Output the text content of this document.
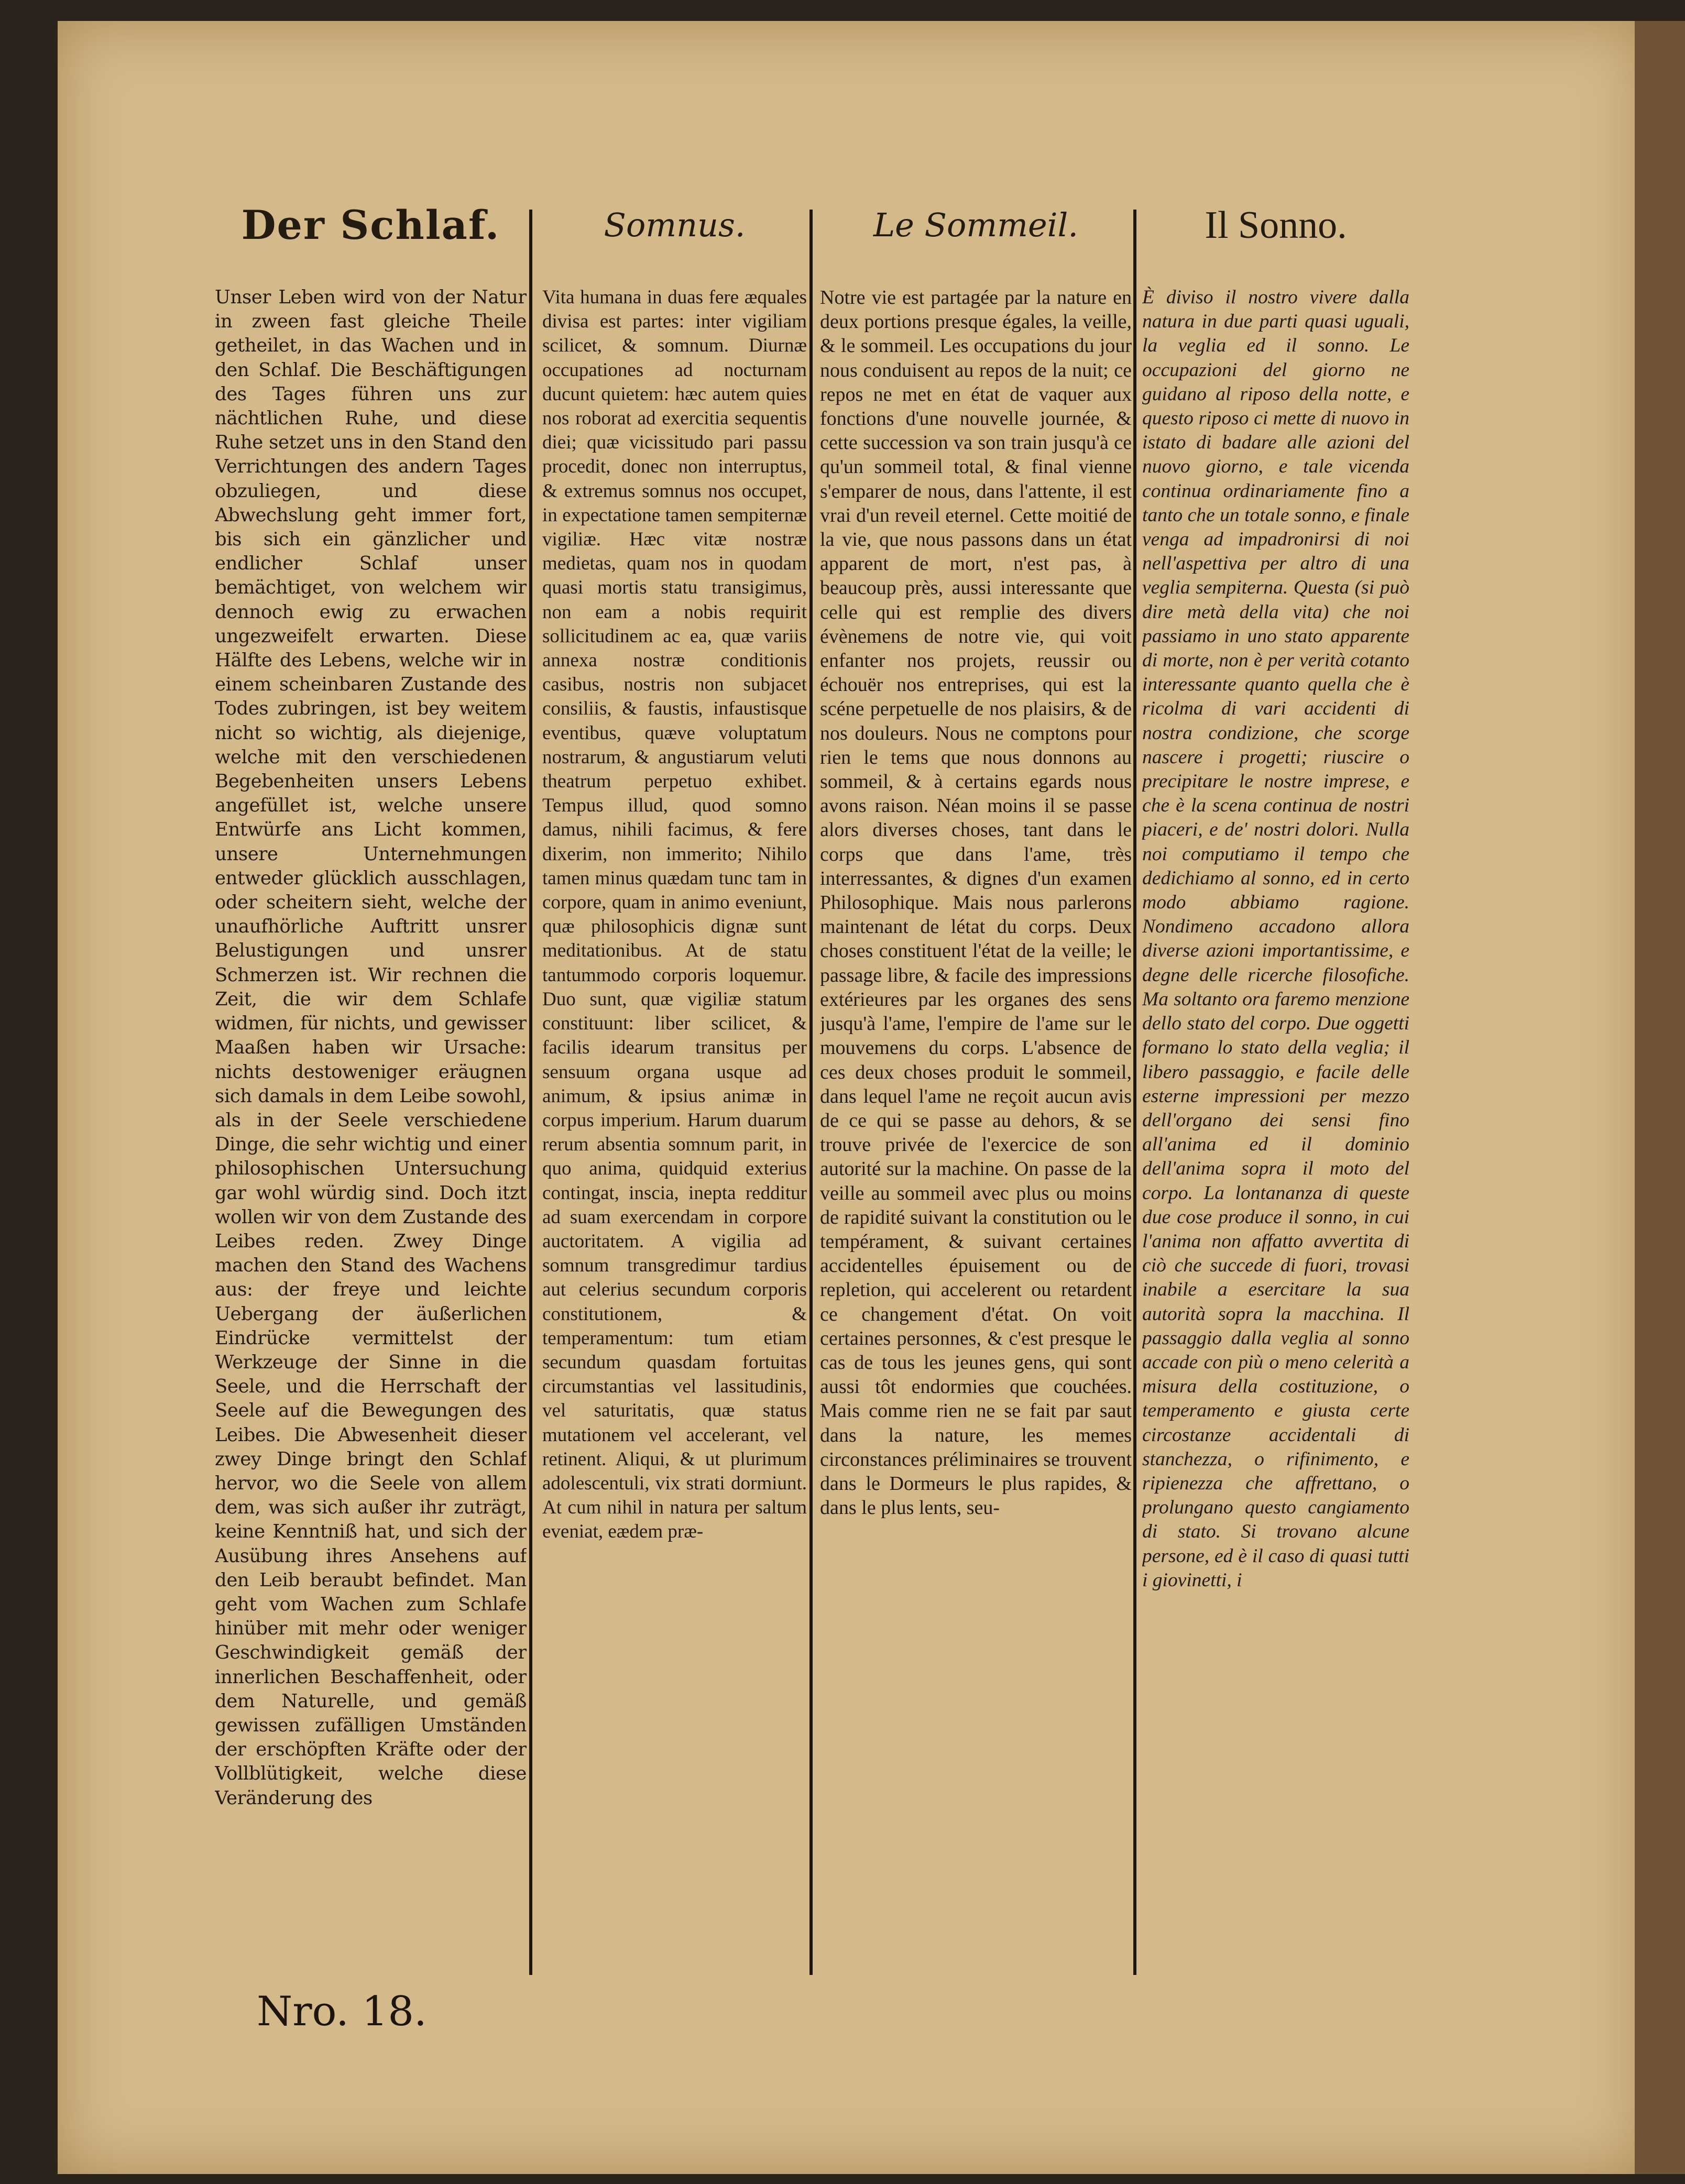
Der Schlaf.

Unser Leben wird von der Natur in zween fast gleiche Theile getheilet, in das Wachen und in den Schlaf. Die Beschäftigungen des Tages führen uns zur nächtlichen Ruhe, und diese Ruhe setzet uns in den Stand den Verrichtungen des andern Tages obzuliegen, und diese Abwechslung geht immer fort, bis sich ein gänzlicher und endlicher Schlaf unser bemächtiget, von welchem wir dennoch ewig zu erwachen ungezweifelt erwarten. Diese Hälfte des Lebens, welche wir in einem scheinbaren Zustande des Todes zubringen, ist bey weitem nicht so wichtig, als diejenige, welche mit den verschiedenen Begebenheiten unsers Lebens angefüllet ist, welche unsere Entwürfe ans Licht kommen, unsere Unternehmungen entweder glücklich ausschlagen, oder scheitern sieht, welche der unaufhörliche Auftritt unsrer Belustigungen und unsrer Schmerzen ist. Wir rechnen die Zeit, die wir dem Schlafe widmen, für nichts, und gewisser Maaßen haben wir Ursache: nichts destoweniger eräugnen sich damals in dem Leibe sowohl, als in der Seele verschiedene Dinge, die sehr wichtig und einer philosophischen Untersuchung gar wohl würdig sind. Doch itzt wollen wir von dem Zustande des Leibes reden. Zwey Dinge machen den Stand des Wachens aus: der freye und leichte Uebergang der äußerlichen Eindrücke vermittelst der Werkzeuge der Sinne in die Seele, und die Herrschaft der Seele auf die Bewegungen des Leibes. Die Abwesenheit dieser zwey Dinge bringt den Schlaf hervor, wo die Seele von allem dem, was sich außer ihr zuträgt, keine Kenntniß hat, und sich der Ausübung ihres Ansehens auf den Leib beraubt befindet. Man geht vom Wachen zum Schlafe hinüber mit mehr oder weniger Geschwindigkeit gemäß der innerlichen Beschaffenheit, oder dem Naturelle, und gemäß gewissen zufälligen Umständen der erschöpften Kräfte oder der Vollblütigkeit, welche diese Veränderung des

Somnus.

Vita humana in duas fere æquales divisa est partes: inter vigiliam scilicet, & somnum. Diurnæ occupationes ad nocturnam ducunt quietem: hæc autem quies nos roborat ad exercitia sequentis diei; quæ vicissitudo pari passu procedit, donec non interruptus, & extremus somnus nos occupet, in expectatione tamen sempiternæ vigiliæ. Hæc vitæ nostræ medietas, quam nos in quodam quasi mortis statu transigimus, non eam a nobis requirit sollicitudinem ac ea, quæ variis annexa nostræ conditionis casibus, nostris non subjacet consiliis, & faustis, infaustisque eventibus, quæve voluptatum nostrarum, & angustiarum veluti theatrum perpetuo exhibet. Tempus illud, quod somno damus, nihili facimus, & fere dixerim, non immerito; Nihilo tamen minus quædam tunc tam in corpore, quam in animo eveniunt, quæ philosophicis dignæ sunt meditationibus. At de statu tantummodo corporis loquemur. Duo sunt, quæ vigiliæ statum constituunt: liber scilicet, & facilis idearum transitus per sensuum organa usque ad animum, & ipsius animæ in corpus imperium. Harum duarum rerum absentia somnum parit, in quo anima, quidquid exterius contingat, inscia, inepta redditur ad suam exercendam in corpore auctoritatem. A vigilia ad somnum transgredimur tardius aut celerius secundum corporis constitutionem, & temperamentum: tum etiam secundum quasdam fortuitas circumstantias vel lassitudinis, vel saturitatis, quæ status mutationem vel accelerant, vel retinent. Aliqui, & ut plurimum adolescentuli, vix strati dormiunt. At cum nihil in natura per saltum eveniat, eædem præ-

Le Sommeil.

Notre vie est partagée par la nature en deux portions presque égales, la veille, & le sommeil. Les occupations du jour nous conduisent au repos de la nuit; ce repos ne met en état de vaquer aux fonctions d'une nouvelle journée, & cette succession va son train jusqu'à ce qu'un sommeil total, & final vienne s'emparer de nous, dans l'attente, il est vrai d'un reveil eternel. Cette moitié de la vie, que nous passons dans un état apparent de mort, n'est pas, à beaucoup près, aussi interessante que celle qui est remplie des divers évènemens de notre vie, qui voit enfanter nos projets, reussir ou échouër nos entreprises, qui est la scéne perpetuelle de nos plaisirs, & de nos douleurs. Nous ne comptons pour rien le tems que nous donnons au sommeil, & à certains egards nous avons raison. Néan moins il se passe alors diverses choses, tant dans le corps que dans l'ame, très interressantes, & dignes d'un examen Philosophique. Mais nous parlerons maintenant de létat du corps. Deux choses constituent l'état de la veille; le passage libre, & facile des impressions extérieures par les organes des sens jusqu'à l'ame, l'empire de l'ame sur le mouvemens du corps. L'absence de ces deux choses produit le sommeil, dans lequel l'ame ne reçoit aucun avis de ce qui se passe au dehors, & se trouve privée de l'exercice de son autorité sur la machine. On passe de la veille au sommeil avec plus ou moins de rapidité suivant la constitution ou le tempérament, & suivant certaines accidentelles épuisement ou de repletion, qui accelerent ou retardent ce changement d'état. On voit certaines personnes, & c'est presque le cas de tous les jeunes gens, qui sont aussi tôt endormies que couchées. Mais comme rien ne se fait par saut dans la nature, les memes circonstances préliminaires se trouvent dans le Dormeurs le plus rapides, & dans le plus lents, seu-

Il Sonno.

È diviso il nostro vivere dalla natura in due parti quasi uguali, la veglia ed il sonno. Le occupazioni del giorno ne guidano al riposo della notte, e questo riposo ci mette di nuovo in istato di badare alle azioni del nuovo giorno, e tale vicenda continua ordinariamente fino a tanto che un totale sonno, e finale venga ad impadronirsi di noi nell'aspettiva per altro di una veglia sempiterna. Questa (si può dire metà della vita) che noi passiamo in uno stato apparente di morte, non è per verità cotanto interessante quanto quella che è ricolma di vari accidenti di nostra condizione, che scorge nascere i progetti; riuscire o precipitare le nostre imprese, e che è la scena continua de nostri piaceri, e de' nostri dolori. Nulla noi computiamo il tempo che dedichiamo al sonno, ed in certo modo abbiamo ragione. Nondimeno accadono allora diverse azioni importantissime, e degne delle ricerche filosofiche. Ma soltanto ora faremo menzione dello stato del corpo. Due oggetti formano lo stato della veglia; il libero passaggio, e facile delle esterne impressioni per mezzo dell'organo dei sensi fino all'anima ed il dominio dell'anima sopra il moto del corpo. La lontananza di queste due cose produce il sonno, in cui l'anima non affatto avvertita di ciò che succede di fuori, trovasi inabile a esercitare la sua autorità sopra la macchina. Il passaggio dalla veglia al sonno accade con più o meno celerità a misura della costituzione, o temperamento e giusta certe circostanze accidentali di stanchezza, o rifinimento, e ripienezza che affrettano, o prolungano questo cangiamento di stato. Si trovano alcune persone, ed è il caso di quasi tutti i giovinetti, i

Nro. 18.
